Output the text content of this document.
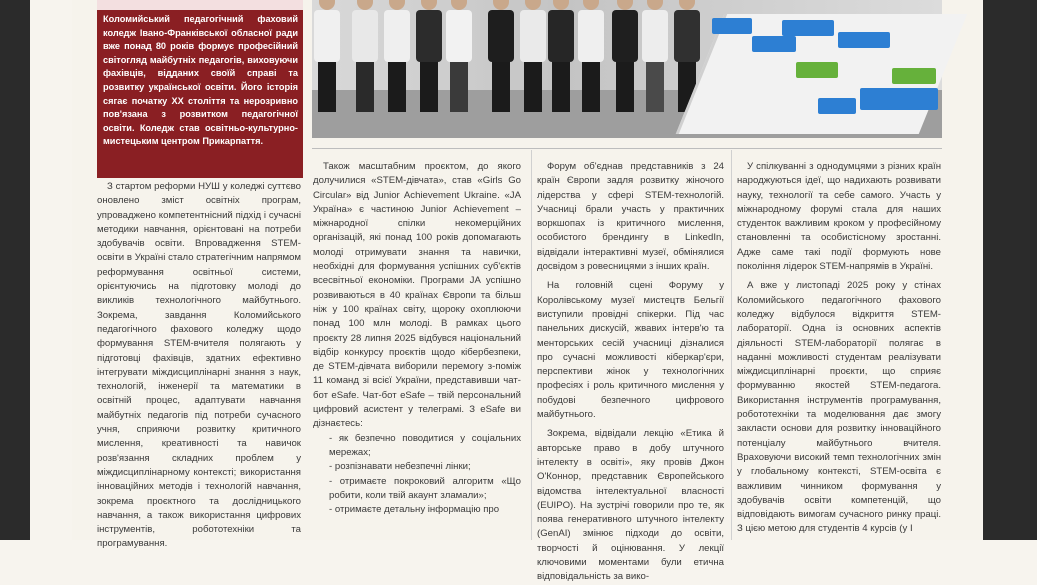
Коломийський педагогічний фаховий коледж Івано-Франківської обласної ради вже понад 80 років формує професійний світогляд майбутніх педагогів, виховуючи фахівців, відданих своїй справі та розвитку української освіти. Його історія сягає початку ХХ століття та нерозривно пов'язана з розвитком педагогічної освіти. Коледж став освітньо-культурно-мистецьким центром Прикарпаття.

З стартом реформи НУШ у коледжі суттєво оновлено зміст освітніх програм, упроваджено компетентнісний підхід і сучасні методики навчання, орієнтовані на потреби здобувачів освіти. Впровадження STEM-освіти в Україні стало стратегічним напрямом реформування освітньої системи, орієнтуючись на підготовку молоді до викликів технологічного майбутнього. Зокрема, завдання Коломийського педагогічного фахового коледжу щодо формування STEM-вчителя полягають у підготовці фахівців, здатних ефективно інтегрувати міждисциплінарні знання з наук, технологій, інженерії та математики в освітній процес, адаптувати навчання майбутніх педагогів під потреби сучасного учня, сприяючи розвитку критичного мислення, креативності та навичок розв'язання складних проблем у міждисциплінарному контексті; використання інноваційних методів і технологій навчання, зокрема проєктного та дослідницького навчання, а також використання цифрових інструментів, робототехніки та програмування.

Також масштабним проєктом, до якого долучилися «STEM-дівчата», став «Girls Go Circular» від Junior Achievement Ukraine. «JA Україна» є частиною Junior Achievement – міжнародної спілки некомерційних організацій, які понад 100 років допомагають молоді отримувати знання та навички, необхідні для формування успішних суб'єктів всесвітньої економіки. Програми JA успішно розвиваються в 40 країнах Європи та більш ніж у 100 країнах світу, щороку охоплюючи понад 100 млн молоді. В рамках цього проєкту 28 липня 2025 відбувся національний відбір конкурсу проєктів щодо кібербезпеки, де STEM-дівчата виборили перемогу з-поміж 11 команд зі всієї України, представивши чат-бот eSafe. Чат-бот eSafe – твій персональний цифровий асистент у телеграмі. З eSafe ви дізнаєтесь:

- як безпечно поводитися у соціальних мережах;

- розпізнавати небезпечні лінки;

- отримаєте покроковий алгоритм «Що робити, коли твій акаунт зламали»;

- отримаєте детальну інформацію про

Форум об'єднав представників з 24 країн Європи задля розвитку жіночого лідерства у сфері STEM-технологій. Учасниці брали участь у практичних воркшопах із критичного мислення, особистого брендингу в LinkedIn, відвідали інтерактивні музеї, обмінялися досвідом з ровесницями з інших країн.

На головній сцені Форуму у Королівському музеї мистецтв Бельгії виступили провідні спікерки. Під час панельних дискусій, жвавих інтерв'ю та менторських сесій учасниці дізналися про сучасні можливості кіберкар'єри, перспективи жінок у технологічних професіях і роль критичного мислення у побудові безпечного цифрового майбутнього.

Зокрема, відвідали лекцію «Етика й авторське право в добу штучного інтелекту в освіті», яку провів Джон О'Коннор, представник Європейського відомства інтелектуальної власності (EUIPO). На зустрічі говорили про те, як поява генеративного штучного інтелекту (GenAI) змінює підходи до освіти, творчості й оцінювання. У лекції ключовими моментами були етична відповідальність за вико-

У спілкуванні з однодумцями з різних країн народжуються ідеї, що надихають розвивати науку, технології та себе самого. Участь у міжнародному форумі стала для наших студенток важливим кроком у професійному становленні та особистісному зростанні. Адже саме такі події формують нове покоління лідерок STEM-напрямів в Україні.

А вже у листопаді 2025 року у стінах Коломийського педагогічного фахового коледжу відбулося відкриття STEM-лабораторії. Одна із основних аспектів діяльності STEM-лабораторії полягає в наданні можливості студентам реалізувати міждисциплінарні проєкти, що сприяє формуванню якостей STEM-педагога. Використання інструментів програмування, робототехніки та моделювання дає змогу закласти основи для розвитку інноваційного потенціалу майбутнього вчителя. Враховуючи високий темп технологічних змін у глобальному контексті, STEM-освіта є важливим чинником формування у здобувачів освіти компетенцій, що відповідають вимогам сучасного ринку праці. З цією метою для студентів 4 курсів (у І
